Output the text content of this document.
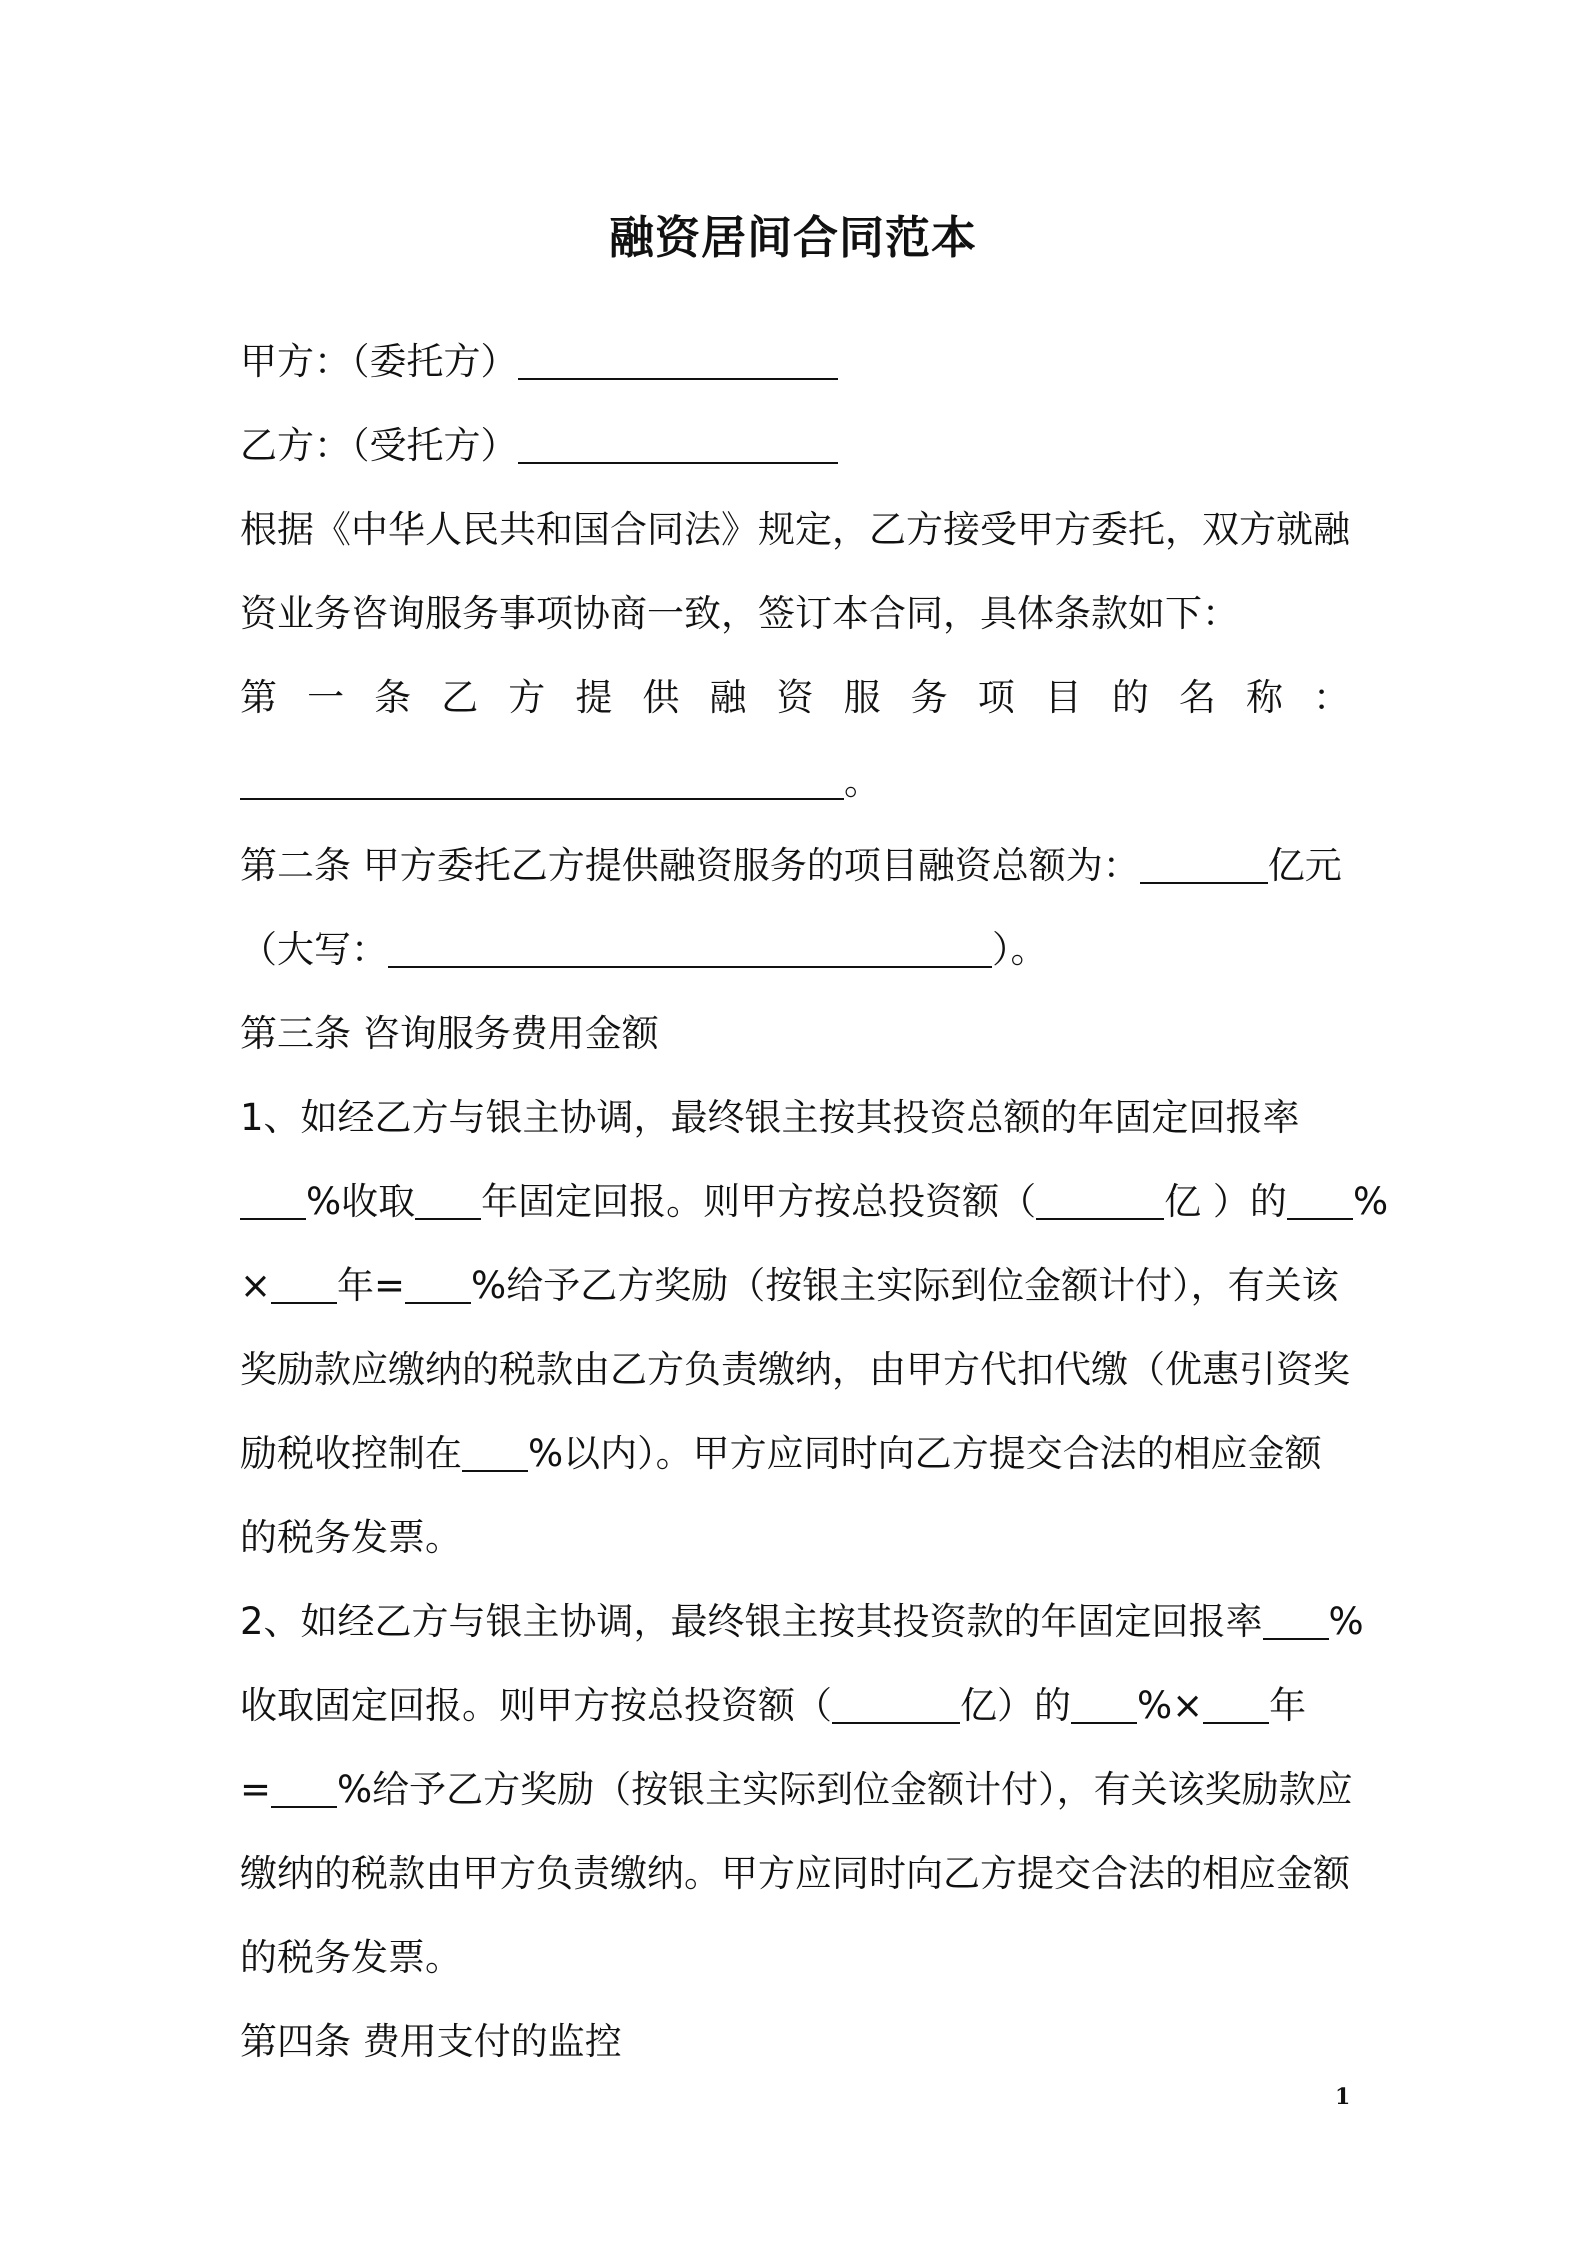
融资居间合同范本
甲方：（委托方）
乙方：（受托方）
根据《中华人民共和国合同法》规定，乙方接受甲方委托，双方就融
资业务咨询服务事项协商一致，签订本合同，具体条款如下：
第 一 条 乙 方 提 供 融 资 服 务 项 目 的 名 称 ：
。
第二条 甲方委托乙方提供融资服务的项目融资总额为：	亿元
（大写：	）。
第三条 咨询服务费用金额
1、如经乙方与银主协调，最终银主按其投资总额的年固定回报率
%收取 年固定回报。则甲方按总投资额（	亿 ）的 %
× 年= %给予乙方奖励（按银主实际到位金额计付），有关该
奖励款应缴纳的税款由乙方负责缴纳，由甲方代扣代缴（优惠引资奖
励税收控制在 %以内）。甲方应同时向乙方提交合法的相应金额
的税务发票。
2、如经乙方与银主协调，最终银主按其投资款的年固定回报率 %
收取固定回报。则甲方按总投资额（	亿）的 %× 年
= %给予乙方奖励（按银主实际到位金额计付），有关该奖励款应
缴纳的税款由甲方负责缴纳。甲方应同时向乙方提交合法的相应金额
的税务发票。
第四条 费用支付的监控
1
